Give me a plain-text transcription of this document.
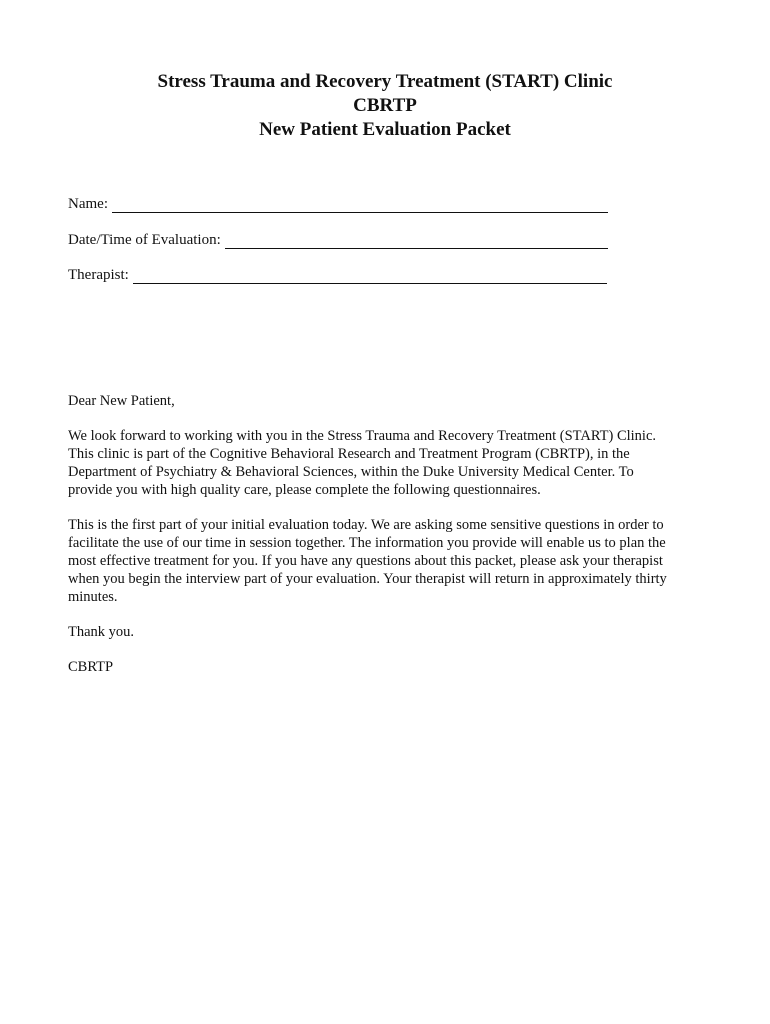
Stress Trauma and Recovery Treatment (START) Clinic
CBRTP
New Patient Evaluation Packet
Name:
Date/Time of Evaluation:
Therapist:

Dear New Patient,

We look forward to working with you in the Stress Trauma and Recovery Treatment (START) Clinic.
This clinic is part of the Cognitive Behavioral Research and Treatment Program (CBRTP), in the
Department of Psychiatry & Behavioral Sciences, within the Duke University Medical Center. To
provide you with high quality care, please complete the following questionnaires.

This is the first part of your initial evaluation today. We are asking some sensitive questions in order to
facilitate the use of our time in session together. The information you provide will enable us to plan the
most effective treatment for you. If you have any questions about this packet, please ask your therapist
when you begin the interview part of your evaluation. Your therapist will return in approximately thirty
minutes.

Thank you.

CBRTP
